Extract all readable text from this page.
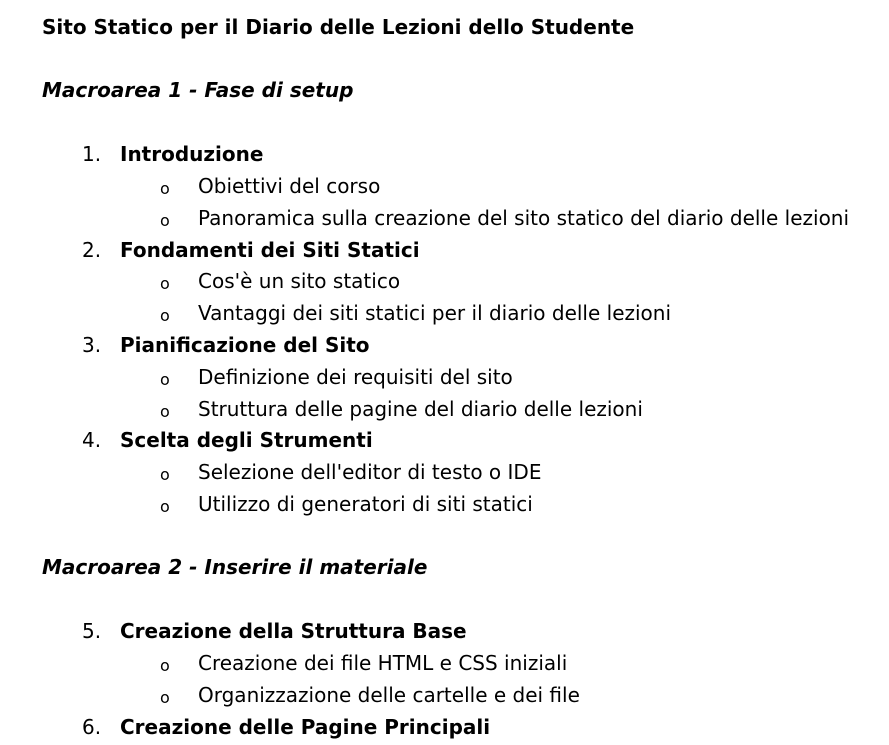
Sito Statico per il Diario delle Lezioni dello Studente
Macroarea 1 - Fase di setup
1. Introduzione
o Obiettivi del corso
o Panoramica sulla creazione del sito statico del diario delle lezioni
2. Fondamenti dei Siti Statici
o Cos'è un sito statico
o Vantaggi dei siti statici per il diario delle lezioni
3. Pianificazione del Sito
o Definizione dei requisiti del sito
o Struttura delle pagine del diario delle lezioni
4. Scelta degli Strumenti
o Selezione dell'editor di testo o IDE
o Utilizzo di generatori di siti statici
Macroarea 2 - Inserire il materiale
5. Creazione della Struttura Base
o Creazione dei file HTML e CSS iniziali
o Organizzazione delle cartelle e dei file
6. Creazione delle Pagine Principali
